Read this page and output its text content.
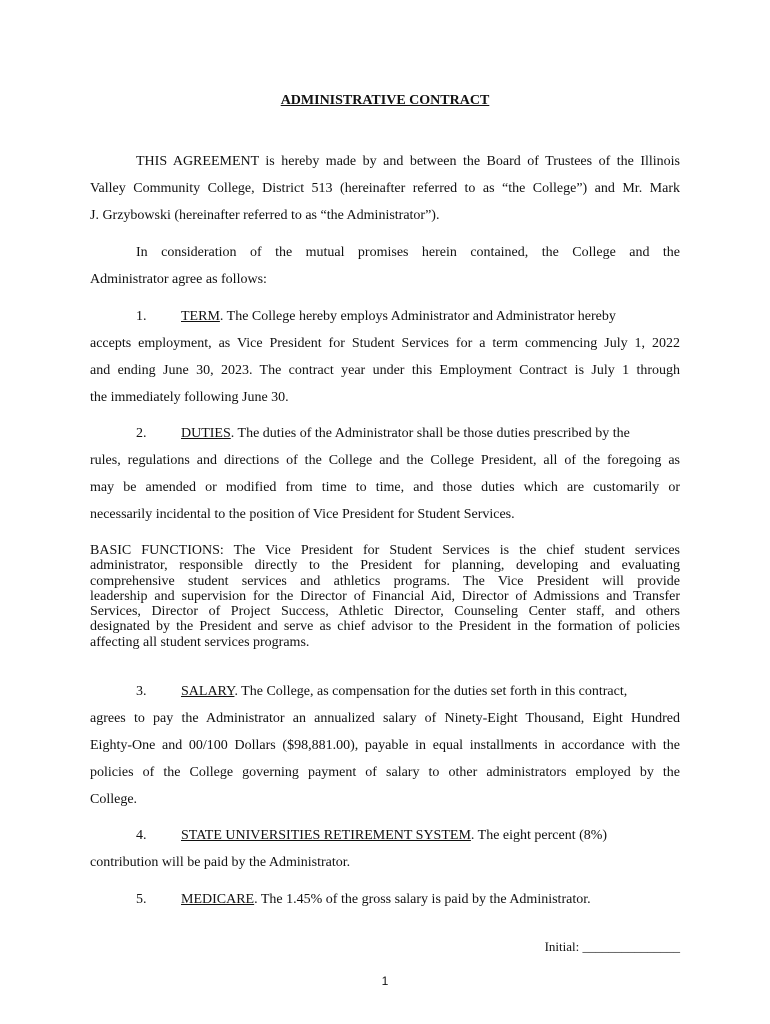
ADMINISTRATIVE CONTRACT
THIS AGREEMENT is hereby made by and between the Board of Trustees of the Illinois
Valley Community College, District 513 (hereinafter referred to as “the College”) and Mr. Mark
J. Grzybowski (hereinafter referred to as “the Administrator”).
In consideration of the mutual promises herein contained, the College and the
Administrator agree as follows:
1. TERM. The College hereby employs Administrator and Administrator hereby
accepts employment, as Vice President for Student Services for a term commencing July 1, 2022
and ending June 30, 2023. The contract year under this Employment Contract is July 1 through
the immediately following June 30.
2. DUTIES. The duties of the Administrator shall be those duties prescribed by the
rules, regulations and directions of the College and the College President, all of the foregoing as
may be amended or modified from time to time, and those duties which are customarily or
necessarily incidental to the position of Vice President for Student Services.
BASIC FUNCTIONS: The Vice President for Student Services is the chief student services
administrator, responsible directly to the President for planning, developing and evaluating
comprehensive student services and athletics programs. The Vice President will provide
leadership and supervision for the Director of Financial Aid, Director of Admissions and Transfer
Services, Director of Project Success, Athletic Director, Counseling Center staff, and others
designated by the President and serve as chief advisor to the President in the formation of policies
affecting all student services programs.
3. SALARY. The College, as compensation for the duties set forth in this contract,
agrees to pay the Administrator an annualized salary of Ninety-Eight Thousand, Eight Hundred
Eighty-One and 00/100 Dollars ($98,881.00), payable in equal installments in accordance with the
policies of the College governing payment of salary to other administrators employed by the
College.
4. STATE UNIVERSITIES RETIREMENT SYSTEM. The eight percent (8%)
contribution will be paid by the Administrator.
5. MEDICARE. The 1.45% of the gross salary is paid by the Administrator.
Initial: _______________
1
